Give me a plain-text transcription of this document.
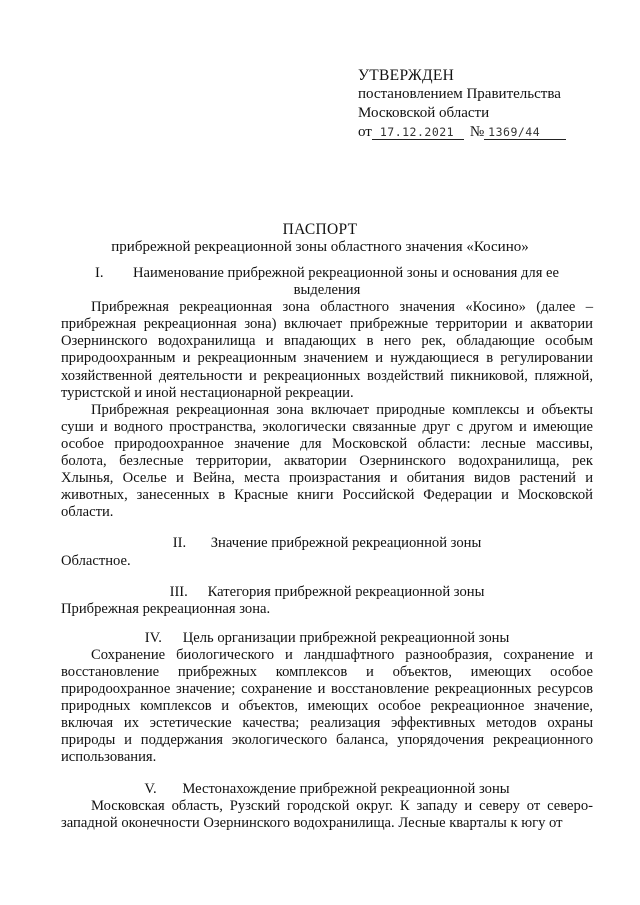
УТВЕРЖДЕН
постановлением Правительства
Московской области
от 17.12.2021 № 1369/44
ПАСПОРТ
прибрежной рекреационной зоны областного значения «Косино»
I. Наименование прибрежной рекреационной зоны и основания для ее выделения

Прибрежная рекреационная зона областного значения «Косино» (далее – прибрежная рекреационная зона) включает прибрежные территории и акватории Озернинского водохранилища и впадающих в него рек, обладающие особым природоохранным и рекреационным значением и нуждающиеся в регулировании хозяйственной деятельности и рекреационных воздействий пикниковой, пляжной, туристской и иной нестационарной рекреации.

Прибрежная рекреационная зона включает природные комплексы и объекты суши и водного пространства, экологически связанные друг с другом и имеющие особое природоохранное значение для Московской области: лесные массивы, болота, безлесные территории, акватории Озернинского водохранилища, рек Хлынья, Оселье и Вейна, места произрастания и обитания видов растений и животных, занесенных в Красные книги Российской Федерации и Московской области.

II. Значение прибрежной рекреационной зоны

Областное.

III. Категория прибрежной рекреационной зоны

Прибрежная рекреационная зона.

IV. Цель организации прибрежной рекреационной зоны

Сохранение биологического и ландшафтного разнообразия, сохранение и восстановление прибрежных комплексов и объектов, имеющих особое природоохранное значение; сохранение и восстановление рекреационных ресурсов природных комплексов и объектов, имеющих особое рекреационное значение, включая их эстетические качества; реализация эффективных методов охраны природы и поддержания экологического баланса, упорядочения рекреационного использования.

V. Местонахождение прибрежной рекреационной зоны

Московская область, Рузский городской округ. К западу и северу от северо-западной оконечности Озернинского водохранилища. Лесные кварталы к югу от
